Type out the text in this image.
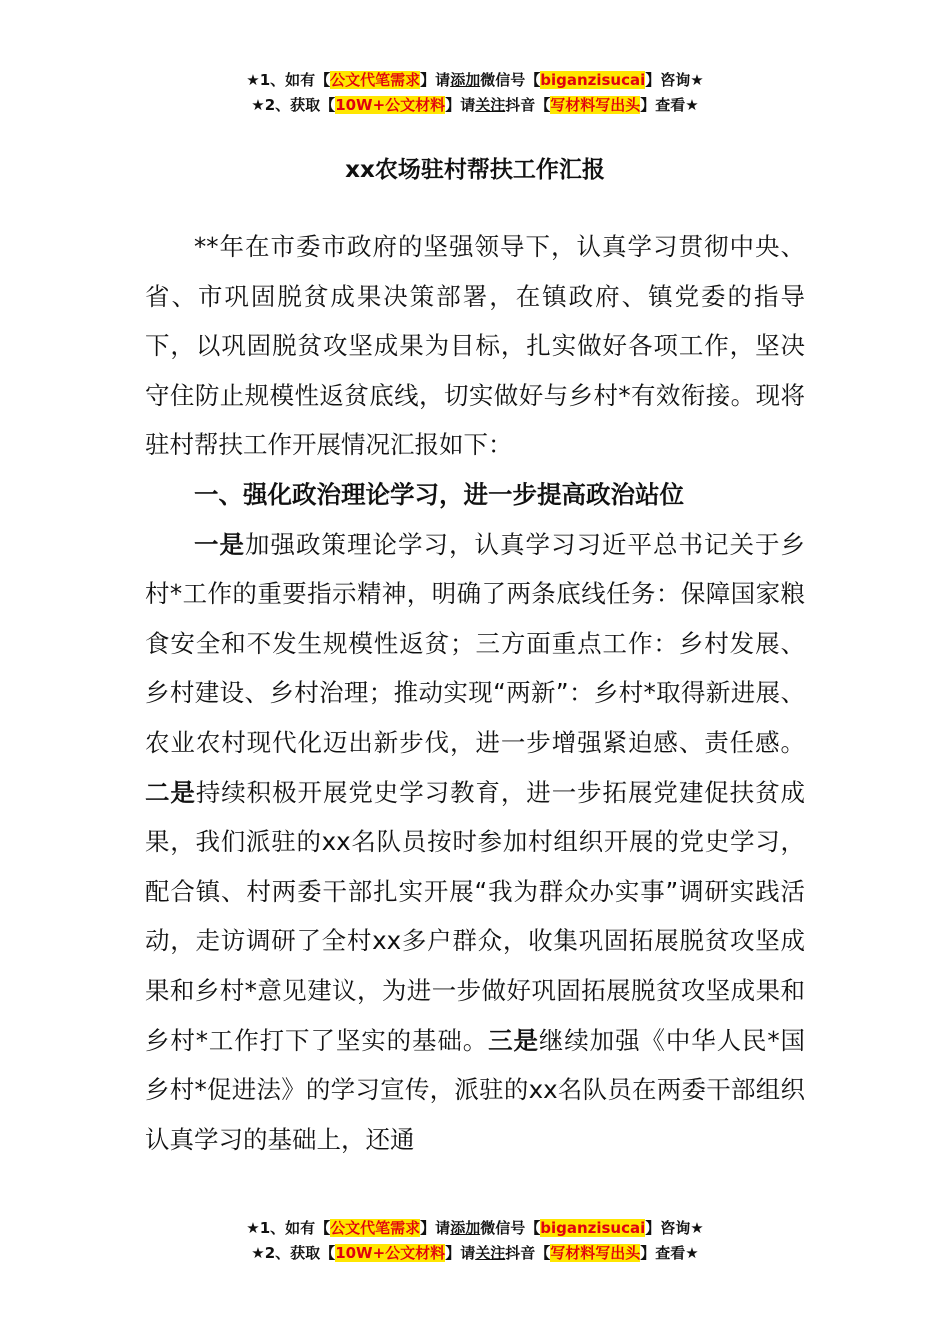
★1、如有【公文代笔需求】请添加微信号【biganzisucai】咨询★
★2、获取【10W+公文材料】请关注抖音【写材料写出头】查看★
xx农场驻村帮扶工作汇报

**年在市委市政府的坚强领导下，认真学习贯彻中央、省、市巩固脱贫成果决策部署，在镇政府、镇党委的指导下，以巩固脱贫攻坚成果为目标，扎实做好各项工作，坚决守住防止规模性返贫底线，切实做好与乡村*有效衔接。现将驻村帮扶工作开展情况汇报如下：

一、强化政治理论学习，进一步提高政治站位

一是加强政策理论学习，认真学习习近平总书记关于乡村*工作的重要指示精神，明确了两条底线任务：保障国家粮食安全和不发生规模性返贫；三方面重点工作：乡村发展、乡村建设、乡村治理；推动实现“两新”：乡村*取得新进展、农业农村现代化迈出新步伐，进一步增强紧迫感、责任感。二是持续积极开展党史学习教育，进一步拓展党建促扶贫成果，我们派驻的xx名队员按时参加村组织开展的党史学习，配合镇、村两委干部扎实开展“我为群众办实事”调研实践活动，走访调研了全村xx多户群众，收集巩固拓展脱贫攻坚成果和乡村*意见建议，为进一步做好巩固拓展脱贫攻坚成果和乡村*工作打下了坚实的基础。三是继续加强《中华人民*国乡村*促进法》的学习宣传，派驻的xx名队员在两委干部组织认真学习的基础上，还通

★1、如有【公文代笔需求】请添加微信号【biganzisucai】咨询★
★2、获取【10W+公文材料】请关注抖音【写材料写出头】查看★
